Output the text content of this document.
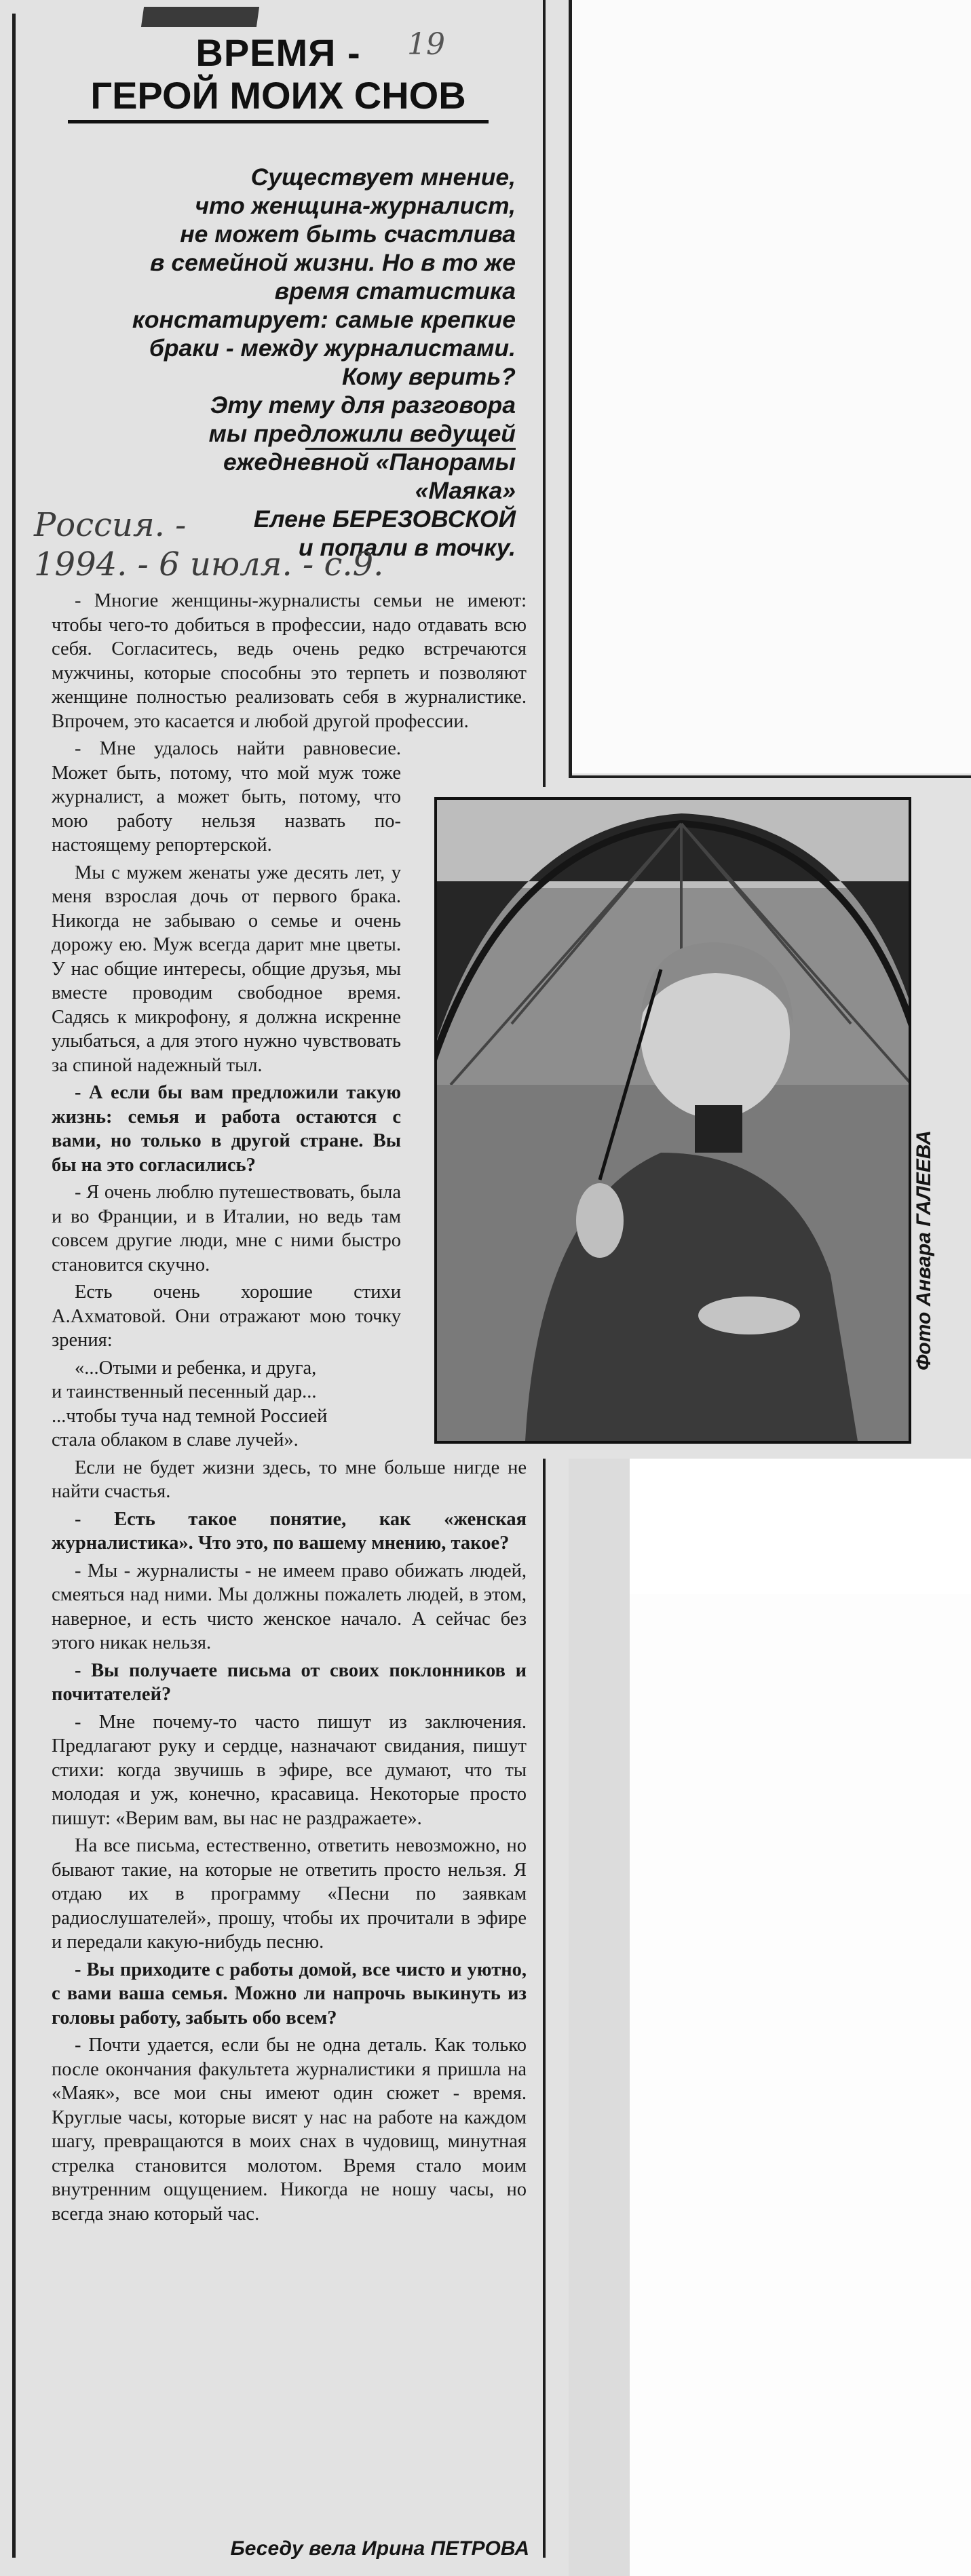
19
ВРЕМЯ -
ГЕРОЙ МОИХ СНОВ
Существует мнение,
что женщина-журналист,
не может быть счастлива
в семейной жизни. Но в то же
время статистика
констатирует: самые крепкие
браки - между журналистами.
Кому верить?
Эту тему для разговора
мы предложили ведущей
ежедневной «Панорамы
«Маяка»
Елене БЕРЕЗОВСКОЙ
и попали в точку.
Россия. -
1994. - 6 июля. - с.9.

- Многие женщины-журналисты семьи не имеют: чтобы чего-то добиться в профессии, надо отдавать всю себя. Согласитесь, ведь очень редко встречаются мужчины, которые способны это терпеть и позволяют женщине полностью реализовать себя в журналистике. Впрочем, это касается и любой другой профессии.

- Мне удалось найти равновесие. Может быть, потому, что мой муж тоже журналист, а может быть, потому, что мою работу нельзя назвать по-настоящему репортерской.

Мы с мужем женаты уже десять лет, у меня взрослая дочь от первого брака. Никогда не забываю о семье и очень дорожу ею. Муж всегда дарит мне цветы. У нас общие интересы, общие друзья, мы вместе проводим свободное время. Садясь к микрофону, я должна искренне улыбаться, а для этого нужно чувствовать за спиной надежный тыл.

- А если бы вам предложили такую жизнь: семья и работа остаются с вами, но только в другой стране. Вы бы на это согласились?

- Я очень люблю путешествовать, была и во Франции, и в Италии, но ведь там совсем другие люди, мне с ними быстро становится скучно.

Есть очень хорошие стихи А.Ахматовой. Они отражают мою точку зрения:

«...Отыми и ребенка, и друга,
и таинственный песенный дар...
...чтобы туча над темной Россией
стала облаком в славе лучей».

Если не будет жизни здесь, то мне больше нигде не найти счастья.

- Есть такое понятие, как «женская журналистика». Что это, по вашему мнению, такое?

- Мы - журналисты - не имеем право обижать людей, смеяться над ними. Мы должны пожалеть людей, в этом, наверное, и есть чисто женское начало. А сейчас без этого никак нельзя.

- Вы получаете письма от своих поклонников и почитателей?

- Мне почему-то часто пишут из заключения. Предлагают руку и сердце, назначают свидания, пишут стихи: когда звучишь в эфире, все думают, что ты молодая и уж, конечно, красавица. Некоторые просто пишут: «Верим вам, вы нас не раздражаете».

На все письма, естественно, ответить невозможно, но бывают такие, на которые не ответить просто нельзя. Я отдаю их в программу «Песни по заявкам радиослушателей», прошу, чтобы их прочитали в эфире и передали какую-нибудь песню.

- Вы приходите с работы домой, все чисто и уютно, с вами ваша семья. Можно ли напрочь выкинуть из головы работу, забыть обо всем?

- Почти удается, если бы не одна деталь. Как только после окончания факультета журналистики я пришла на «Маяк», все мои сны имеют один сюжет - время. Круглые часы, которые висят у нас на работе на каждом шагу, превращаются в моих снах в чудовищ, минутная стрелка становится молотом. Время стало моим внутренним ощущением. Никогда не ношу часы, но всегда знаю который час.

Беседу вела Ирина ПЕТРОВА
Фото Анвара ГАЛЕЕВА
